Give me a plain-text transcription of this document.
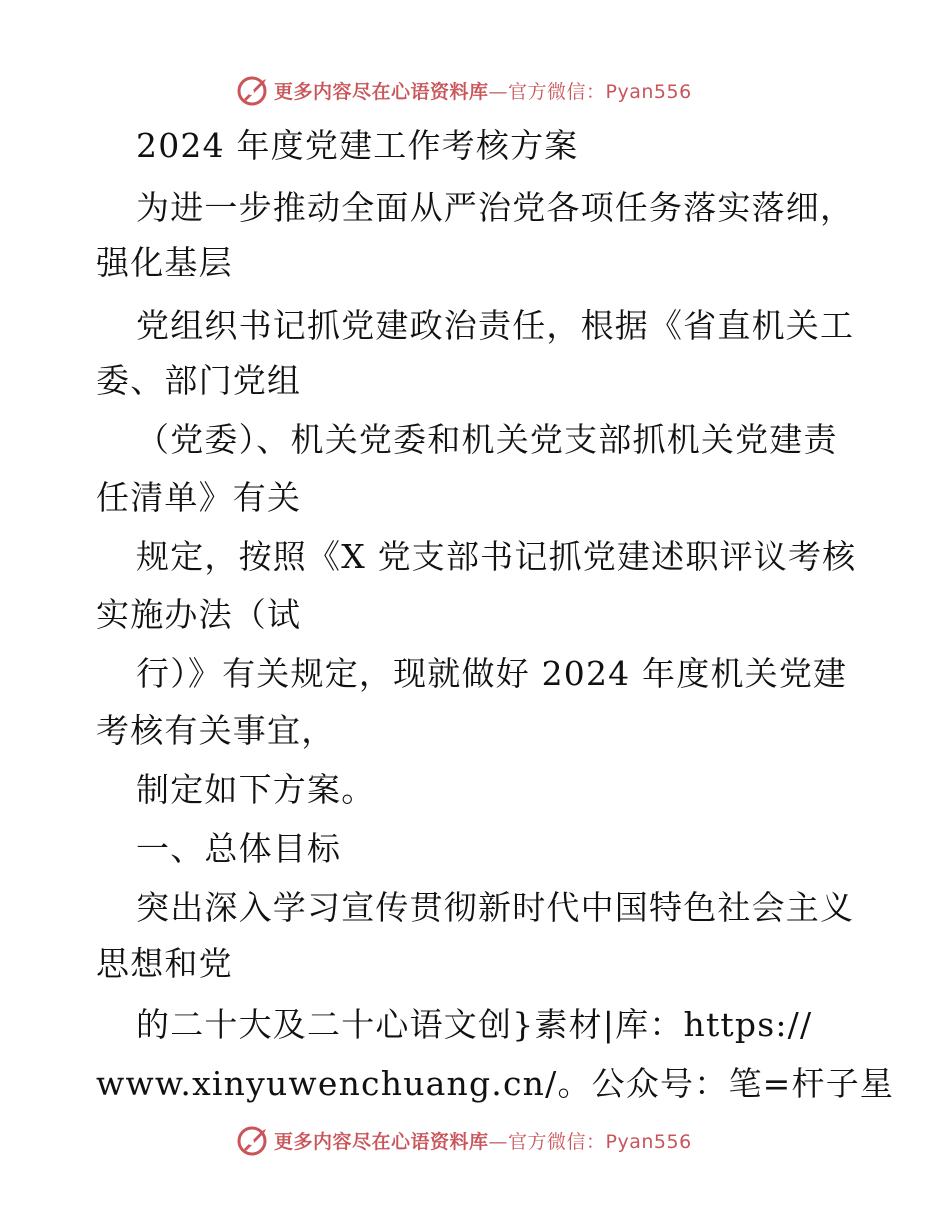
更多内容尽在心语资料库—官方微信：Pyan556
2024 年度党建工作考核方案
为进一步推动全面从严治党各项任务落实落细，
强化基层
党组织书记抓党建政治责任，根据《省直机关工
委、部门党组
（党委）、机关党委和机关党支部抓机关党建责
任清单》有关
规定，按照《X 党支部书记抓党建述职评议考核
实施办法（试
行）》有关规定，现就做好 2024 年度机关党建
考核有关事宜，
制定如下方案。
一、总体目标
突出深入学习宣传贯彻新时代中国特色社会主义
思想和党
的二十大及二十心语文创}素材|库：https://
www.xinyuwenchuang.cn/。公众号：笔=杆子星
更多内容尽在心语资料库—官方微信：Pyan556
